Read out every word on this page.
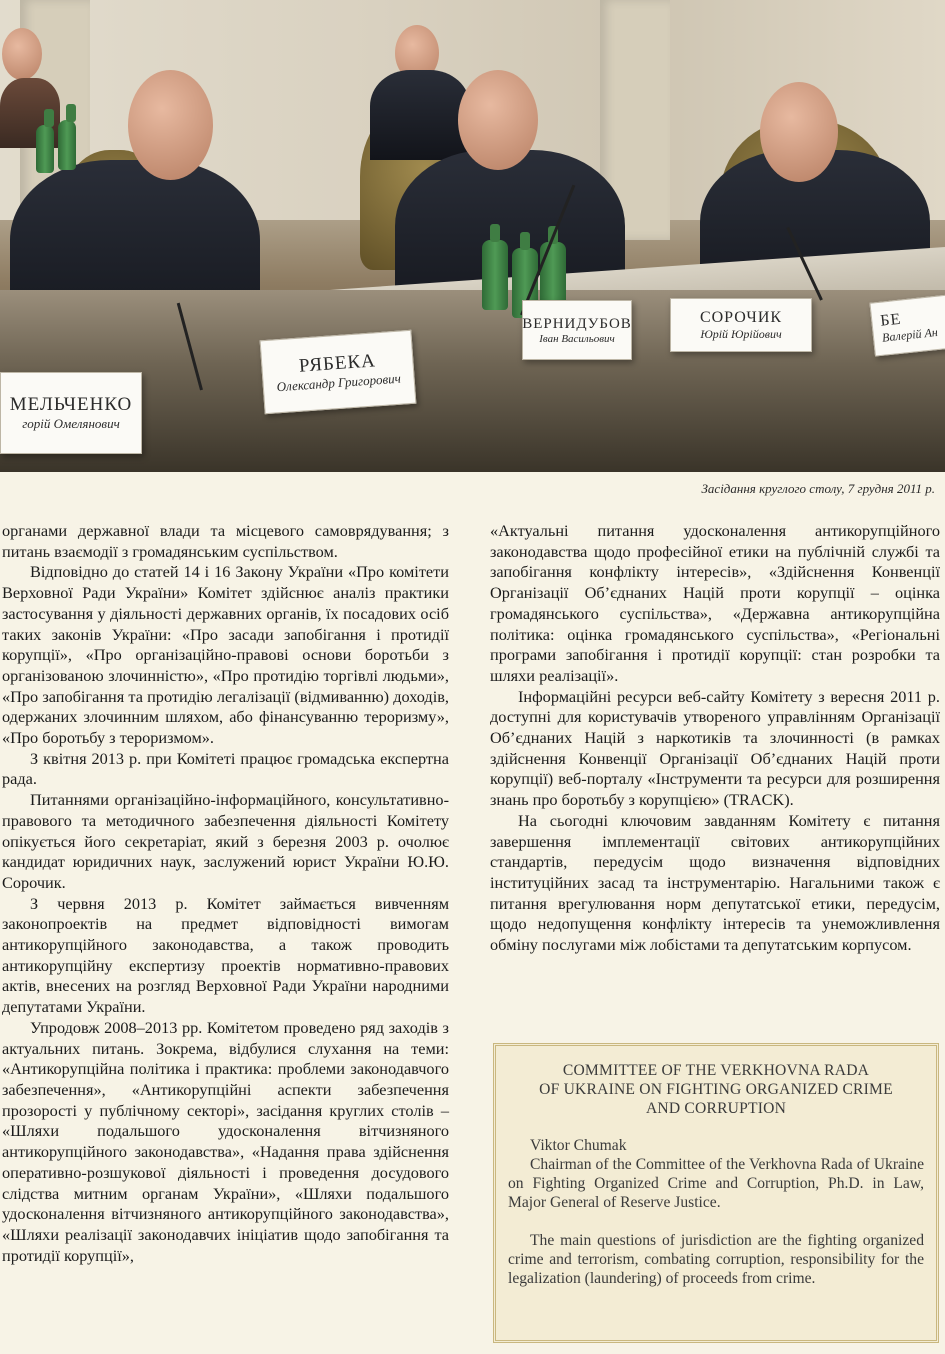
МЕЛЬЧЕНКО
горій Омелянович
РЯБЕКА
Олександр Григорович
ВЕРНИДУБОВ
Іван Васильович
СОРОЧИК
Юрій Юрійович
БЕ
Валерій Ан
Засідання круглого столу, 7 грудня 2011 р.

органами державної влади та місцевого самоврядування; з питань взаємодії з громадянським суспільством.

Відповідно до статей 14 і 16 Закону України «Про комітети Верховної Ради України» Комітет здійснює аналіз практики застосування у діяльності державних органів, їх посадових осіб таких законів України: «Про засади запобігання і протидії корупції», «Про організаційно-правові основи боротьби з організованою злочинністю», «Про протидію торгівлі людьми», «Про запобігання та протидію легалізації (відмиванню) доходів, одержаних злочинним шляхом, або фінансуванню тероризму», «Про боротьбу з тероризмом».

З квітня 2013 р. при Комітеті працює громадська експертна рада.

Питаннями організаційно-інформаційного, консультативно-правового та методичного забезпечення діяльності Комітету опікується його секретаріат, який з березня 2003 р. очолює кандидат юридичних наук, заслужений юрист України Ю.Ю. Сорочик.

З червня 2013 р. Комітет займається вивченням законопроектів на предмет відповідності вимогам антикорупційного законодавства, а також проводить антикорупційну експертизу проектів нормативно-правових актів, внесених на розгляд Верховної Ради України народними депутатами України.

Упродовж 2008–2013 рр. Комітетом проведено ряд заходів з актуальних питань. Зокрема, відбулися слухання на теми: «Антикорупційна політика і практика: проблеми законодавчого забезпечення», «Антикорупційні аспекти забезпечення прозорості у публічному секторі», засідання круглих столів – «Шляхи подальшого удосконалення вітчизняного антикорупційного законодавства», «Надання права здійснення оперативно-розшукової діяльності і проведення досудового слідства митним органам України», «Шляхи подальшого удосконалення вітчизняного антикорупційного законодавства», «Шляхи реалізації законодавчих ініціатив щодо запобігання та протидії корупції»,

«Актуальні питання удосконалення антикорупційного законодавства щодо професійної етики на публічній службі та запобігання конфлікту інтересів», «Здійснення Конвенції Організації Об’єднаних Націй проти корупції – оцінка громадянського суспільства», «Державна антикорупційна політика: оцінка громадянського суспільства», «Регіональні програми запобігання і протидії корупції: стан розробки та шляхи реалізації».

Інформаційні ресурси веб-сайту Комітету з вересня 2011 р. доступні для користувачів утвореного управлінням Організації Об’єднаних Націй з наркотиків та злочинності (в рамках здійснення Конвенції Організації Об’єднаних Націй проти корупції) веб-порталу «Інструменти та ресурси для розширення знань про боротьбу з корупцією» (TRACK).

На сьогодні ключовим завданням Комітету є питання завершення імплементації світових антикорупційних стандартів, передусім щодо визначення відповідних інституційних засад та інструментарію. Нагальними також є питання врегулювання норм депутатської етики, передусім, щодо недопущення конфлікту інтересів та унеможливлення обміну послугами між лобістами та депутатським корпусом.

COMMITTEE OF THE VERKHOVNA RADA
OF UKRAINE ON FIGHTING ORGANIZED CRIME
AND CORRUPTION

Viktor Chumak

Chairman of the Committee of the Verkhovna Rada of Ukraine on Fighting Organized Crime and Corruption, Ph.D. in Law, Major General of Reserve Justice.

The main questions of jurisdiction are the fighting organized crime and terrorism, combating corruption, responsibility for the legalization (laundering) of proceeds from crime.
